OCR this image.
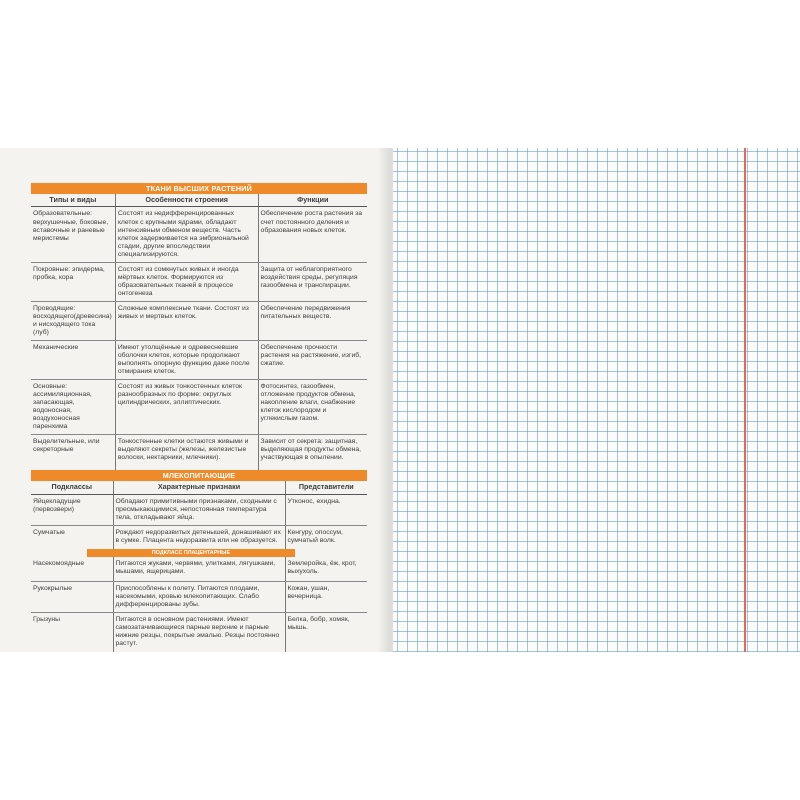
ТКАНИ ВЫСШИХ РАСТЕНИЙ
Типы и виды	Особенности строения	Функции
Образовательные: верхушечные, боковые, вставочные и раневые меристемы	Состоят из недифференцированных клеток с крупными ядрами, обладают интенсивным обменом веществ. Часть клеток задерживается на эмбриональной стадии, другие впоследствии специализируются.	Обеспечение роста растения за счет постоянного деления и образования новых клеток.
Покровные: эпидерма, пробка, кора	Состоят из сомкнутых живых и иногда мёртвых клеток. Формируются из образовательных тканей в процессе онтогенеза	Защита от неблагоприятного воздействия среды, регуляция газообмена и транспирации.
Проводящие: восходящего(древесина) и нисходящего тока (луб)	Сложные комплексные ткани. Состоят из живых и мертвых клеток.	Обеспечение передвижения питательных веществ.
Механические	Имеют утолщённые и одревесневшие оболочки клеток, которые продолжают выполнять опорную функцию даже после отмирания клеток.	Обеспечение прочности растения на растяжение, изгиб, сжатие.
Основные: ассимиляционная, запасающая, водоносная, воздухоносная паренхима	Состоят из живых тонкостенных клеток разнообразных по форме: округлых цилиндрических, эллиптических.	Фотосинтез, газообмен, отложение продуктов обмена, накопление влаги, снабжение клеток кислородом и углекислым газом.
Выделительные, или секреторные	Тонкостенные клетки остаются живыми и выделяют секреты (железы, железистые волоски, нектарники, млечники).	Зависит от секрета: защитная, выделяющая продукты обмена, участвующая в опылении.
МЛЕКОПИТАЮЩИЕ
Подклассы	Характерные признаки	Представители
Яйцекладущие (первозвери)	Обладают примитивными признаками, сходными с пресмыкающимися, непостоянная температура тела, откладывают яйца.	Утконос, ехидна.
Сумчатые	Рождают недоразвитых детенышей, донашивают их в сумке. Плацента недоразвита или не образуется.	Кенгуру, опоссум, сумчатый волк.
ПОДКЛАСС ПЛАЦЕНТАРНЫЕ
Насекомоядные	Питаются жуками, червями, улитками, лягушками, мышами, ящерицами.	Землеройка, ёж, крот, выхухоль.
Рукокрылые	Приспособлены к полету. Питаются плодами, насекомыми, кровью млекопитающих. Слабо дифференцированы зубы.	Кожан, ушан, вечерница.
Грызуны	Питаются в основном растениями. Имеют самозатачивающиеся парные верхние и парные нижние резцы, покрытые эмалью. Резцы постоянно растут.	Белка, бобр, хомяк, мышь.
